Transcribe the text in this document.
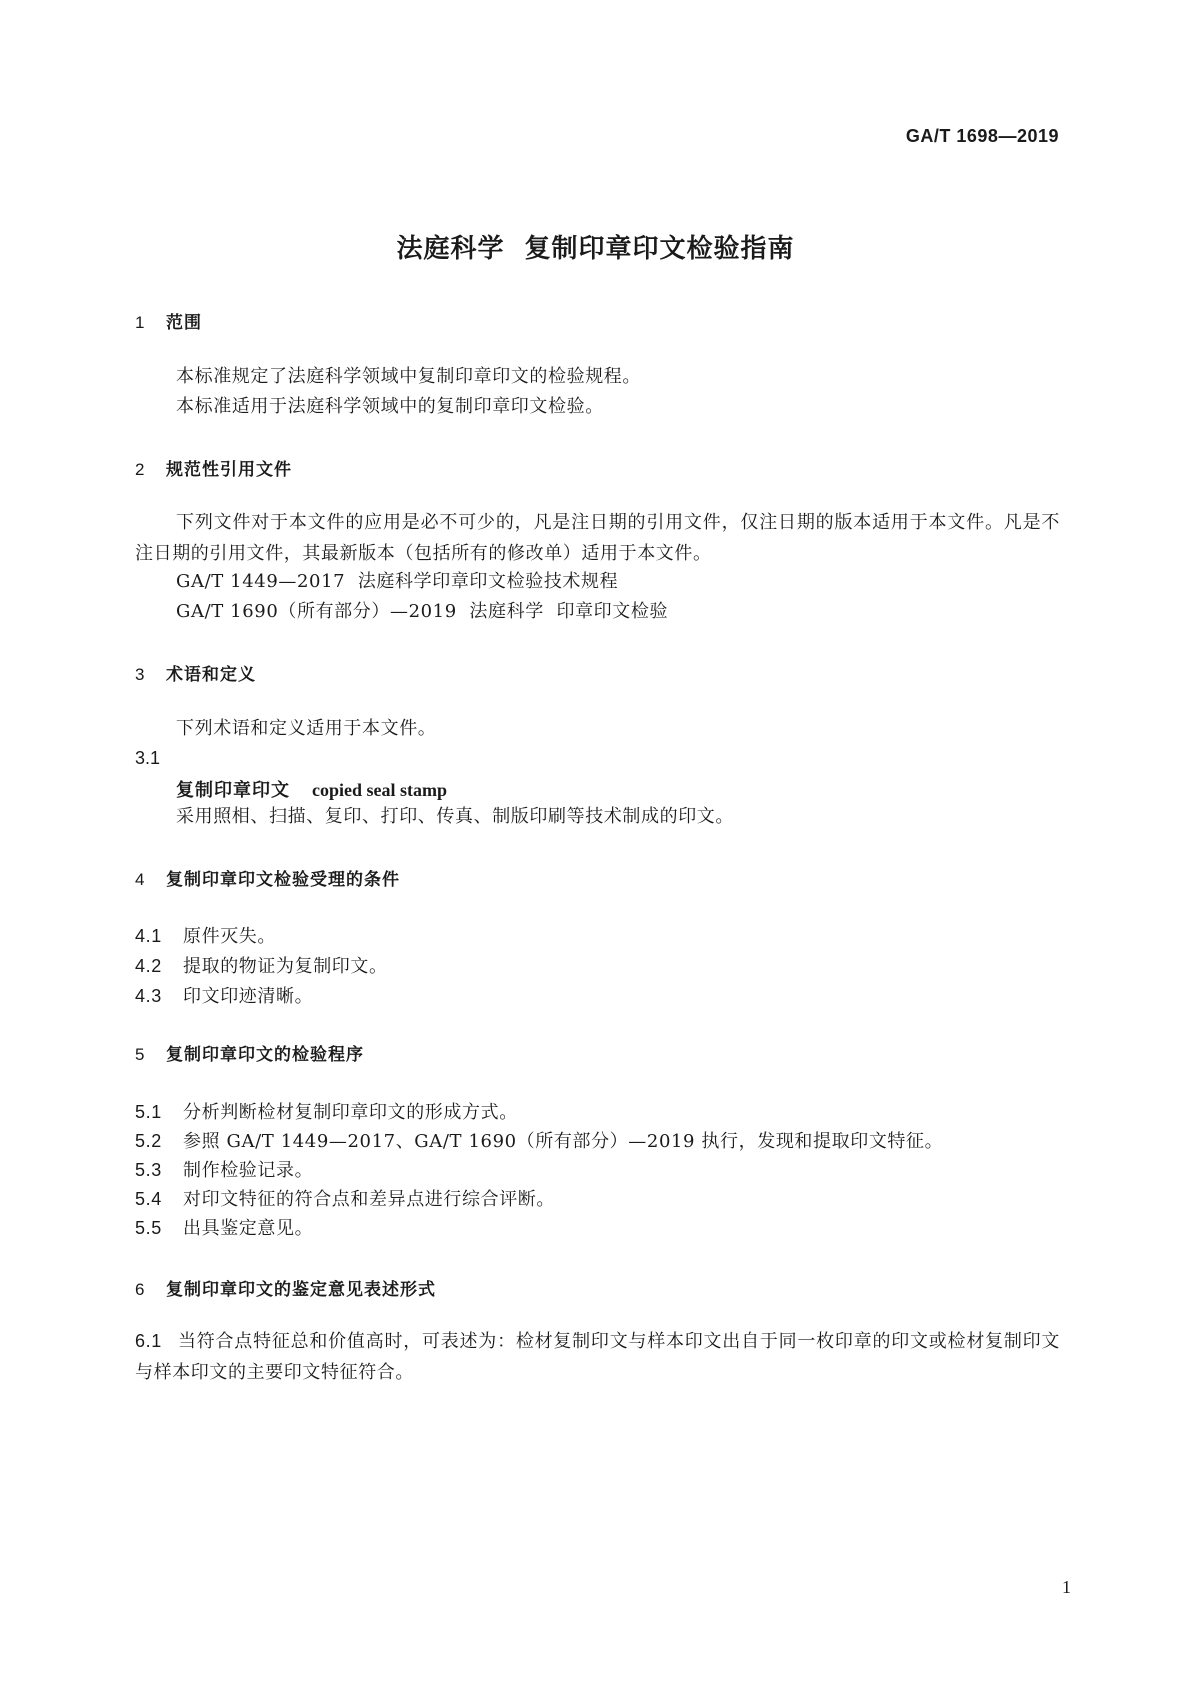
GA/T 1698—2019
法庭科学  复制印章印文检验指南
1 范围
本标准规定了法庭科学领域中复制印章印文的检验规程。
本标准适用于法庭科学领域中的复制印章印文检验。
2 规范性引用文件
下列文件对于本文件的应用是必不可少的，凡是注日期的引用文件，仅注日期的版本适用于本文件。凡是不注日期的引用文件，其最新版本（包括所有的修改单）适用于本文件。
GA/T 1449—2017  法庭科学印章印文检验技术规程
GA/T 1690（所有部分）—2019  法庭科学  印章印文检验
3 术语和定义
下列术语和定义适用于本文件。
3.1
复制印章印文 copied seal stamp
采用照相、扫描、复印、打印、传真、制版印刷等技术制成的印文。
4 复制印章印文检验受理的条件
4.1 原件灭失。
4.2 提取的物证为复制印文。
4.3 印文印迹清晰。
5 复制印章印文的检验程序
5.1 分析判断检材复制印章印文的形成方式。
5.2 参照 GA/T 1449—2017、GA/T 1690（所有部分）—2019 执行，发现和提取印文特征。
5.3 制作检验记录。
5.4 对印文特征的符合点和差异点进行综合评断。
5.5 出具鉴定意见。
6 复制印章印文的鉴定意见表述形式
6.1 当符合点特征总和价值高时，可表述为：检材复制印文与样本印文出自于同一枚印章的印文或检材复制印文与样本印文的主要印文特征符合。
1
